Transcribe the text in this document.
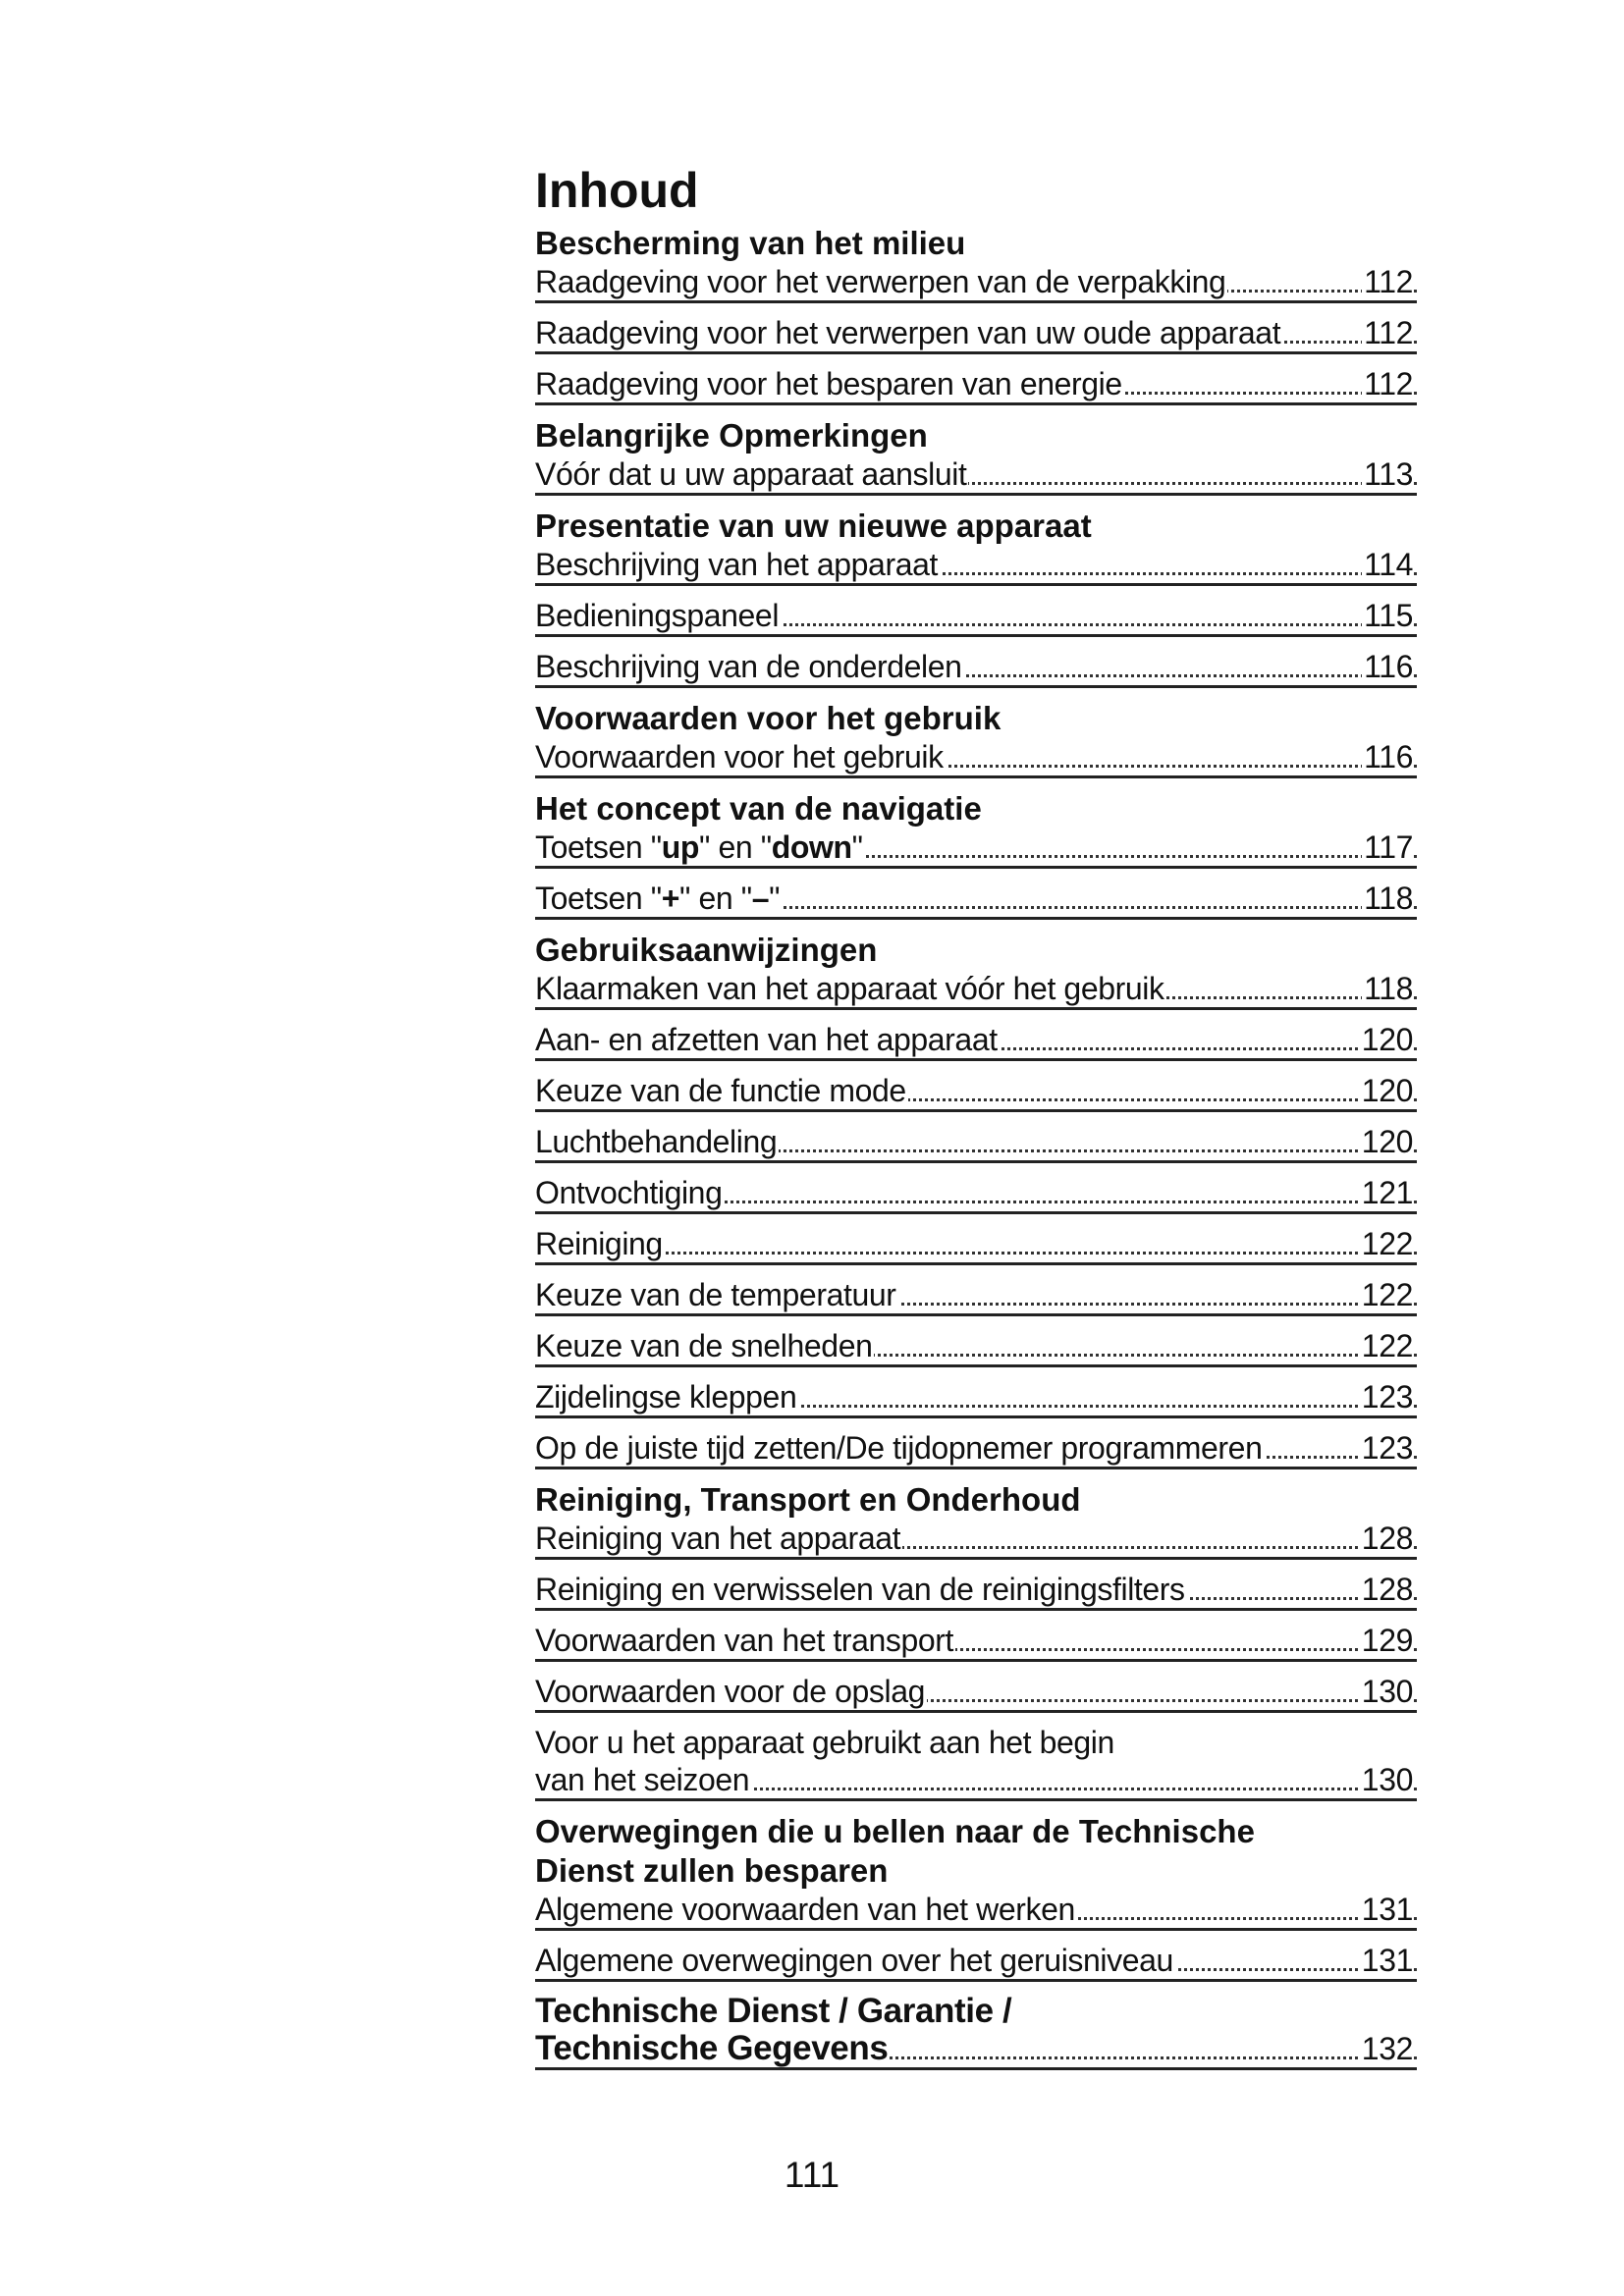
Inhoud
Bescherming van het milieu
Raadgeving voor het verwerpen van de verpakking	112
Raadgeving voor het verwerpen van uw oude apparaat	112
Raadgeving voor het besparen van energie	112
Belangrijke Opmerkingen
Vóór dat u uw apparaat aansluit	113
Presentatie van uw nieuwe apparaat
Beschrijving van het apparaat	114
Bedieningspaneel	115
Beschrijving van de onderdelen	116
Voorwaarden voor het gebruik
Voorwaarden voor het gebruik	116
Het concept van de navigatie
Toetsen "up" en "down"	117
Toetsen "+" en "–"	118
Gebruiksaanwijzingen
Klaarmaken van het apparaat vóór het gebruik	118
Aan- en afzetten van het apparaat	120
Keuze van de functie mode	120
Luchtbehandeling	120
Ontvochtiging	121
Reiniging	122
Keuze van de temperatuur	122
Keuze van de snelheden	122
Zijdelingse kleppen	123
Op de juiste tijd zetten/De tijdopnemer programmeren	123
Reiniging, Transport en Onderhoud
Reiniging van het apparaat	128
Reiniging en verwisselen van de reinigingsfilters	128
Voorwaarden van het transport	129
Voorwaarden voor de opslag	130
Voor u het apparaat gebruikt aan het begin
van het seizoen	130
Overwegingen die u bellen naar de Technische
Dienst zullen besparen
Algemene voorwaarden van het werken	131
Algemene overwegingen over het geruisniveau	131
Technische Dienst / Garantie /
Technische Gegevens	132
111
